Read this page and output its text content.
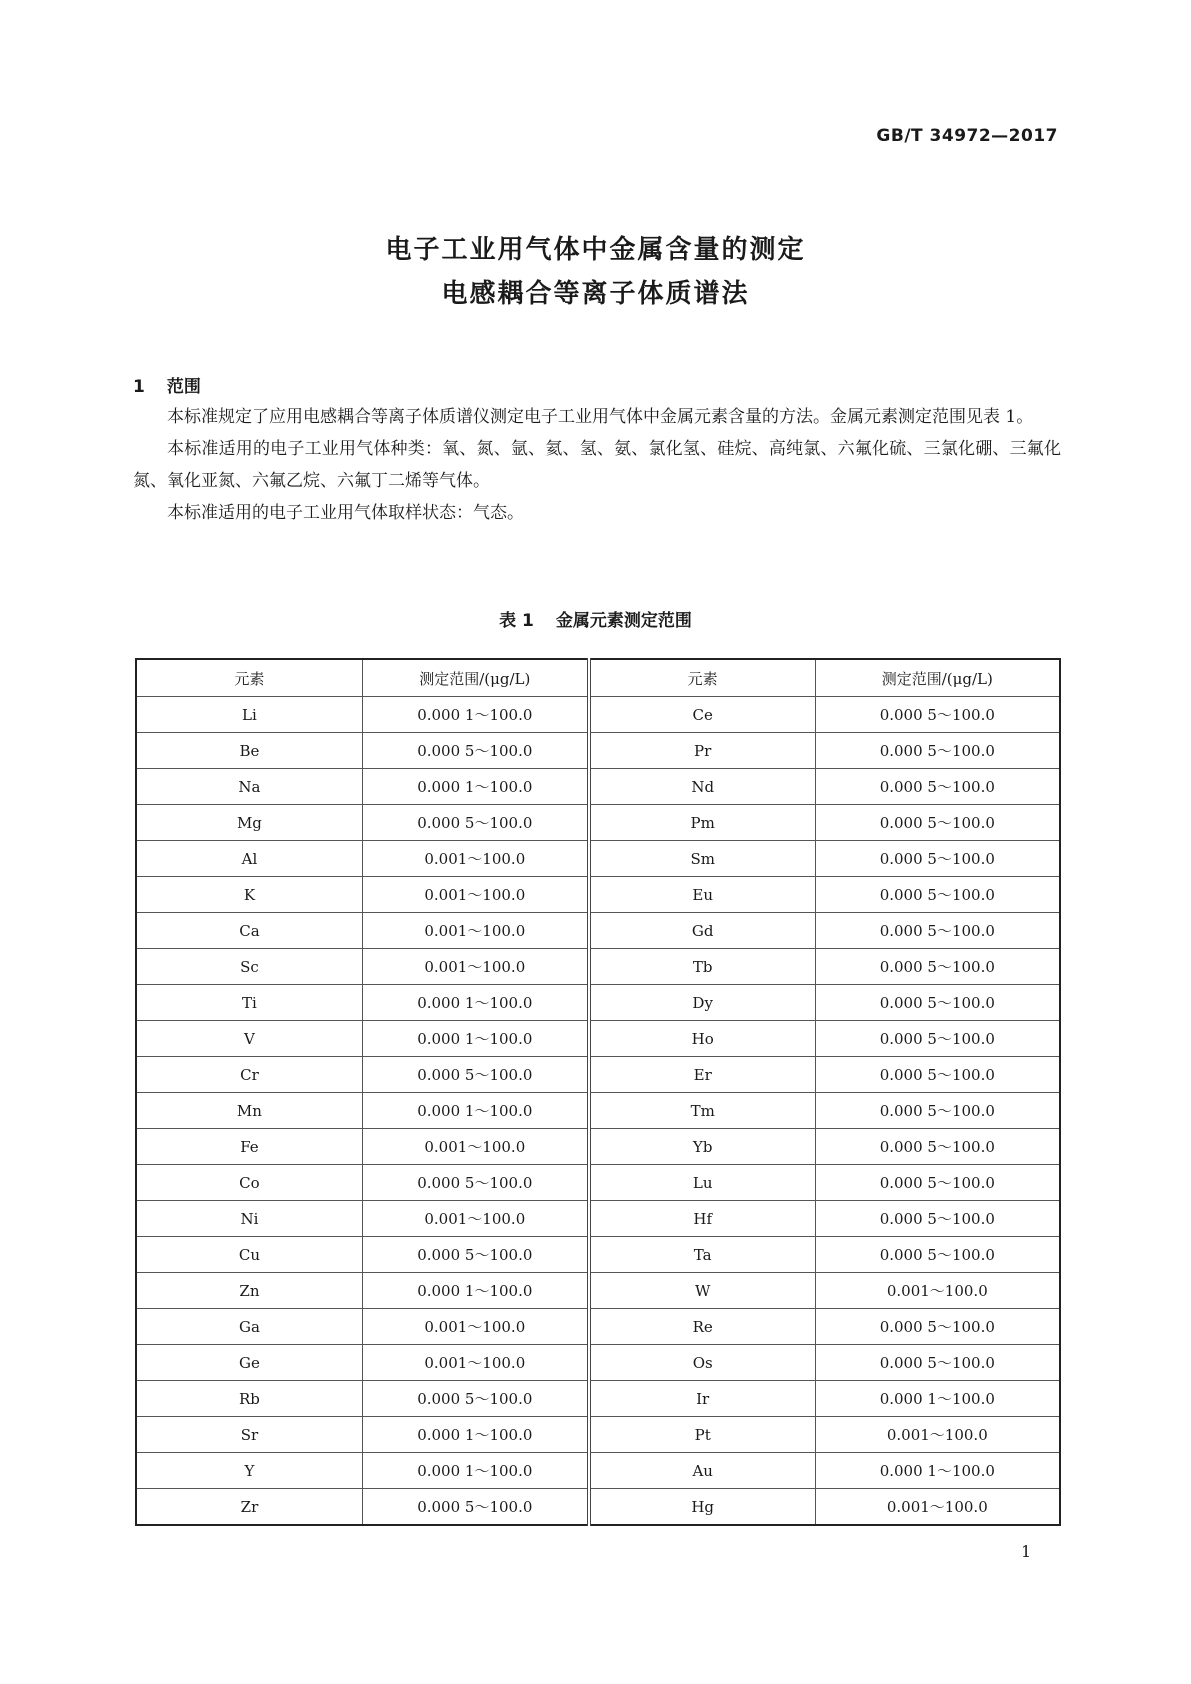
GB/T 34972—2017
电子工业用气体中金属含量的测定
电感耦合等离子体质谱法
1 范围

本标准规定了应用电感耦合等离子体质谱仪测定电子工业用气体中金属元素含量的方法。金属元素测定范围见表 1。

本标准适用的电子工业用气体种类：氧、氮、氩、氦、氢、氨、氯化氢、硅烷、高纯氯、六氟化硫、三氯化硼、三氟化氮、氧化亚氮、六氟乙烷、六氟丁二烯等气体。

本标准适用的电子工业用气体取样状态：气态。

表 1 金属元素测定范围
元素	测定范围/(μg/L)	元素	测定范围/(μg/L)
Li	0.000 1～100.0	Ce	0.000 5～100.0
Be	0.000 5～100.0	Pr	0.000 5～100.0
Na	0.000 1～100.0	Nd	0.000 5～100.0
Mg	0.000 5～100.0	Pm	0.000 5～100.0
Al	0.001～100.0	Sm	0.000 5～100.0
K	0.001～100.0	Eu	0.000 5～100.0
Ca	0.001～100.0	Gd	0.000 5～100.0
Sc	0.001～100.0	Tb	0.000 5～100.0
Ti	0.000 1～100.0	Dy	0.000 5～100.0
V	0.000 1～100.0	Ho	0.000 5～100.0
Cr	0.000 5～100.0	Er	0.000 5～100.0
Mn	0.000 1～100.0	Tm	0.000 5～100.0
Fe	0.001～100.0	Yb	0.000 5～100.0
Co	0.000 5～100.0	Lu	0.000 5～100.0
Ni	0.001～100.0	Hf	0.000 5～100.0
Cu	0.000 5～100.0	Ta	0.000 5～100.0
Zn	0.000 1～100.0	W	0.001～100.0
Ga	0.001～100.0	Re	0.000 5～100.0
Ge	0.001～100.0	Os	0.000 5～100.0
Rb	0.000 5～100.0	Ir	0.000 1～100.0
Sr	0.000 1～100.0	Pt	0.001～100.0
Y	0.000 1～100.0	Au	0.000 1～100.0
Zr	0.000 5～100.0	Hg	0.001～100.0
1
